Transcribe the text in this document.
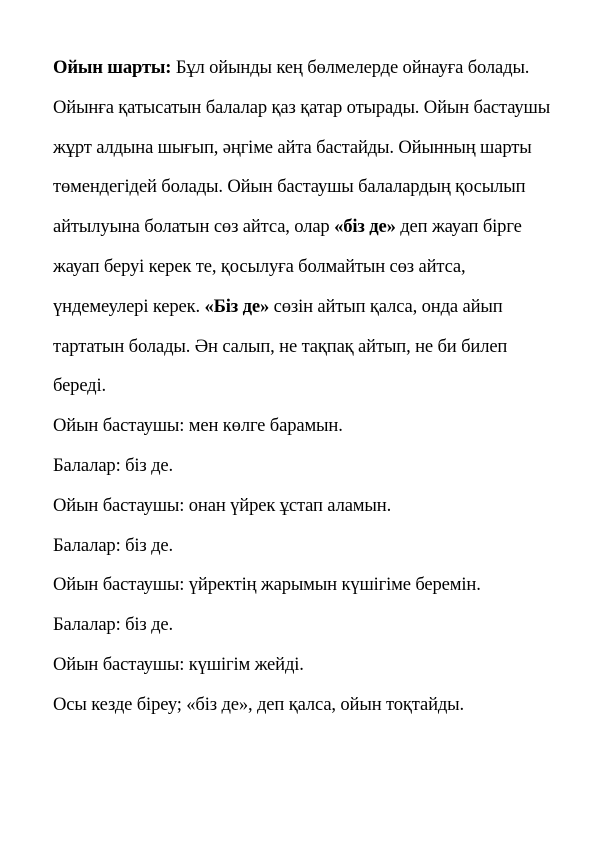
Ойын шарты: Бұл ойынды кең бөлмелерде ойнауға болады. Ойынға қатысатын балалар қаз қатар отырады. Ойын бастаушы жұрт алдына шығып, әңгіме айта бастайды. Ойынның шарты төмендегідей болады. Ойын бастаушы балалардың қосылып айтылуына болатын сөз айтса, олар «біз де» деп жауап бірге жауап беруі керек те, қосылуға болмайтын сөз айтса, үндемеулері керек. «Біз де» сөзін айтып қалса, онда айып тартатын болады. Ән салып, не тақпақ айтып, не би билеп береді.

Ойын бастаушы: мен көлге барамын.

Балалар: біз де.

Ойын бастаушы: онан үйрек ұстап аламын.

Балалар: біз де.

Ойын бастаушы: үйректің жарымын күшігіме беремін.

Балалар: біз де.

Ойын бастаушы: күшігім жейді.

Осы кезде біреу; «біз де», деп қалса, ойын тоқтайды.
